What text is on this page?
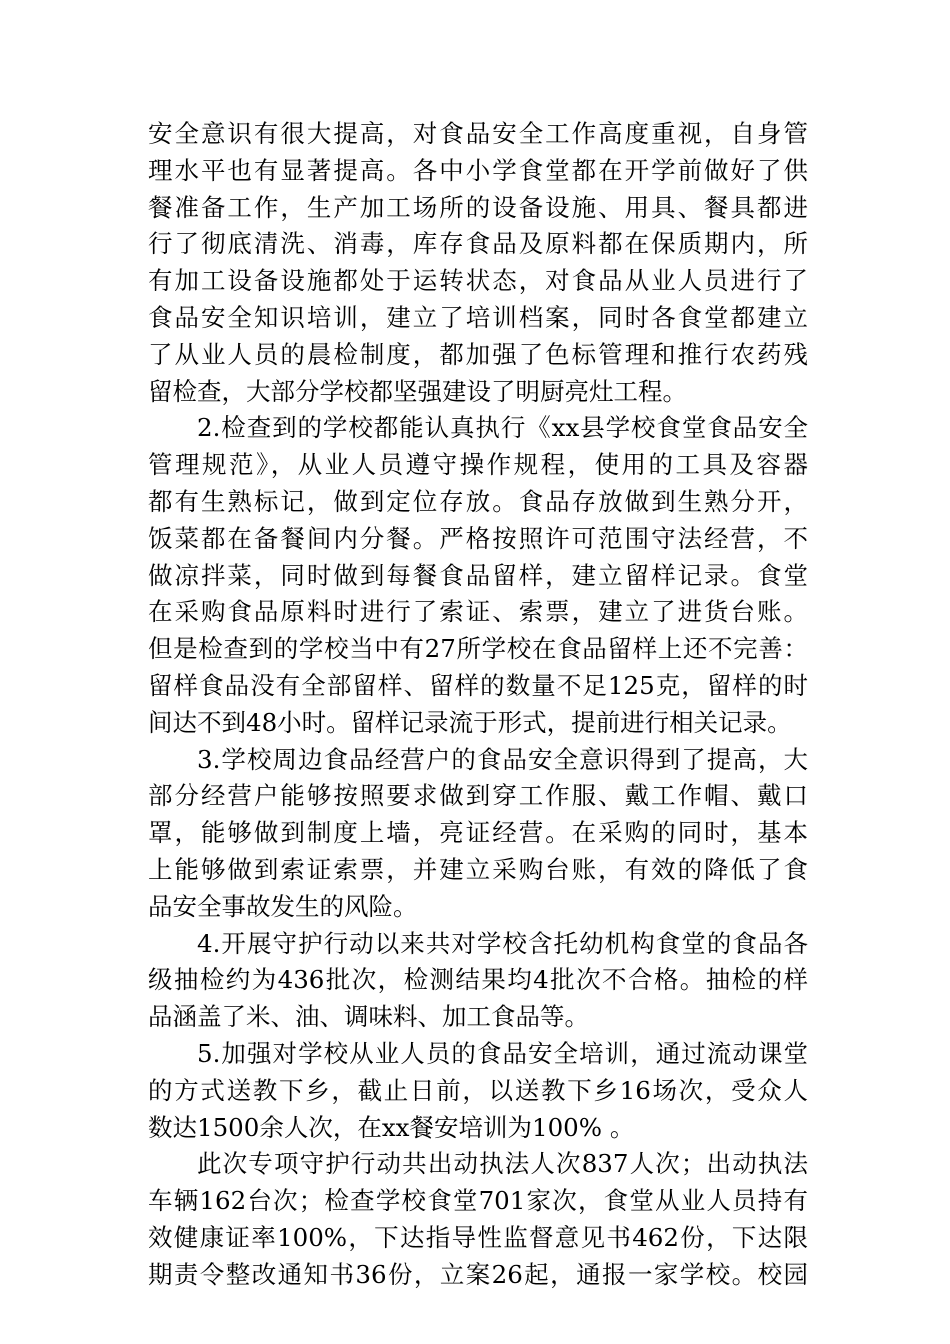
安全意识有很大提高，对食品安全工作高度重视，自身管
理水平也有显著提高。各中小学食堂都在开学前做好了供
餐准备工作，生产加工场所的设备设施、用具、餐具都进
行了彻底清洗、消毒，库存食品及原料都在保质期内，所
有加工设备设施都处于运转状态，对食品从业人员进行了
食品安全知识培训，建立了培训档案，同时各食堂都建立
了从业人员的晨检制度，都加强了色标管理和推行农药残
留检查，大部分学校都坚强建设了明厨亮灶工程。
2.检查到的学校都能认真执行《xx县学校食堂食品安全
管理规范》，从业人员遵守操作规程，使用的工具及容器
都有生熟标记，做到定位存放。食品存放做到生熟分开，
饭菜都在备餐间内分餐。严格按照许可范围守法经营，不
做凉拌菜，同时做到每餐食品留样，建立留样记录。食堂
在采购食品原料时进行了索证、索票，建立了进货台账。
但是检查到的学校当中有27所学校在食品留样上还不完善：
留样食品没有全部留样、留样的数量不足125克，留样的时
间达不到48小时。留样记录流于形式，提前进行相关记录。
3.学校周边食品经营户的食品安全意识得到了提高，大
部分经营户能够按照要求做到穿工作服、戴工作帽、戴口
罩，能够做到制度上墙，亮证经营。在采购的同时，基本
上能够做到索证索票，并建立采购台账，有效的降低了食
品安全事故发生的风险。
4.开展守护行动以来共对学校含托幼机构食堂的食品各
级抽检约为436批次，检测结果均4批次不合格。抽检的样
品涵盖了米、油、调味料、加工食品等。
5.加强对学校从业人员的食品安全培训，通过流动课堂
的方式送教下乡，截止日前，以送教下乡16场次，受众人
数达1500余人次，在xx餐安培训为100% 。
此次专项守护行动共出动执法人次837人次；出动执法
车辆162台次；检查学校食堂701家次，食堂从业人员持有
效健康证率100%，下达指导性监督意见书462份，下达限
期责令整改通知书36份，立案26起，通报一家学校。校园
